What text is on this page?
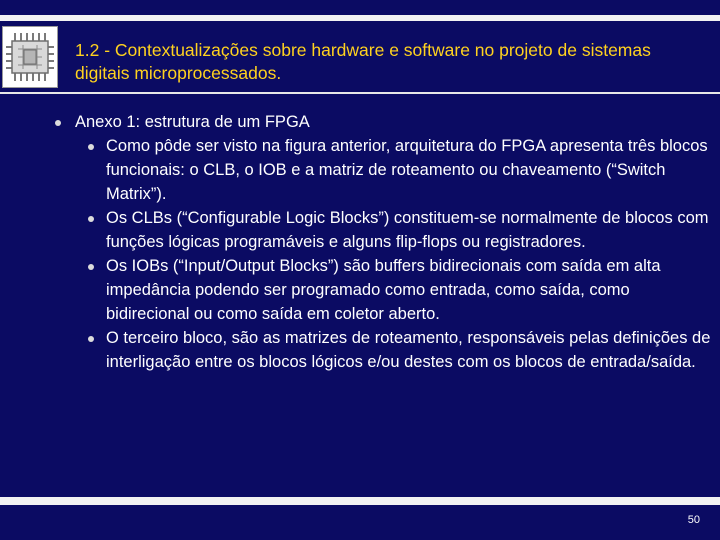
1.2 - Contextualizações sobre hardware e software no projeto de sistemas digitais microprocessados.
Anexo 1: estrutura de um FPGA

Como pôde ser visto na figura anterior, arquitetura do FPGA apresenta três blocos funcionais: o CLB, o IOB e a matriz de roteamento ou chaveamento (“Switch Matrix”).

Os CLBs (“Configurable Logic Blocks”) constituem-se normalmente de blocos com funções lógicas programáveis e alguns flip-flops ou registradores.

Os IOBs (“Input/Output Blocks”) são buffers bidirecionais com saída em alta impedância podendo ser programado como entrada, como saída, como bidirecional ou como saída em coletor aberto.

O terceiro bloco, são as matrizes de roteamento, responsáveis pelas definições de interligação entre os blocos lógicos e/ou destes com os blocos de entrada/saída.

50
